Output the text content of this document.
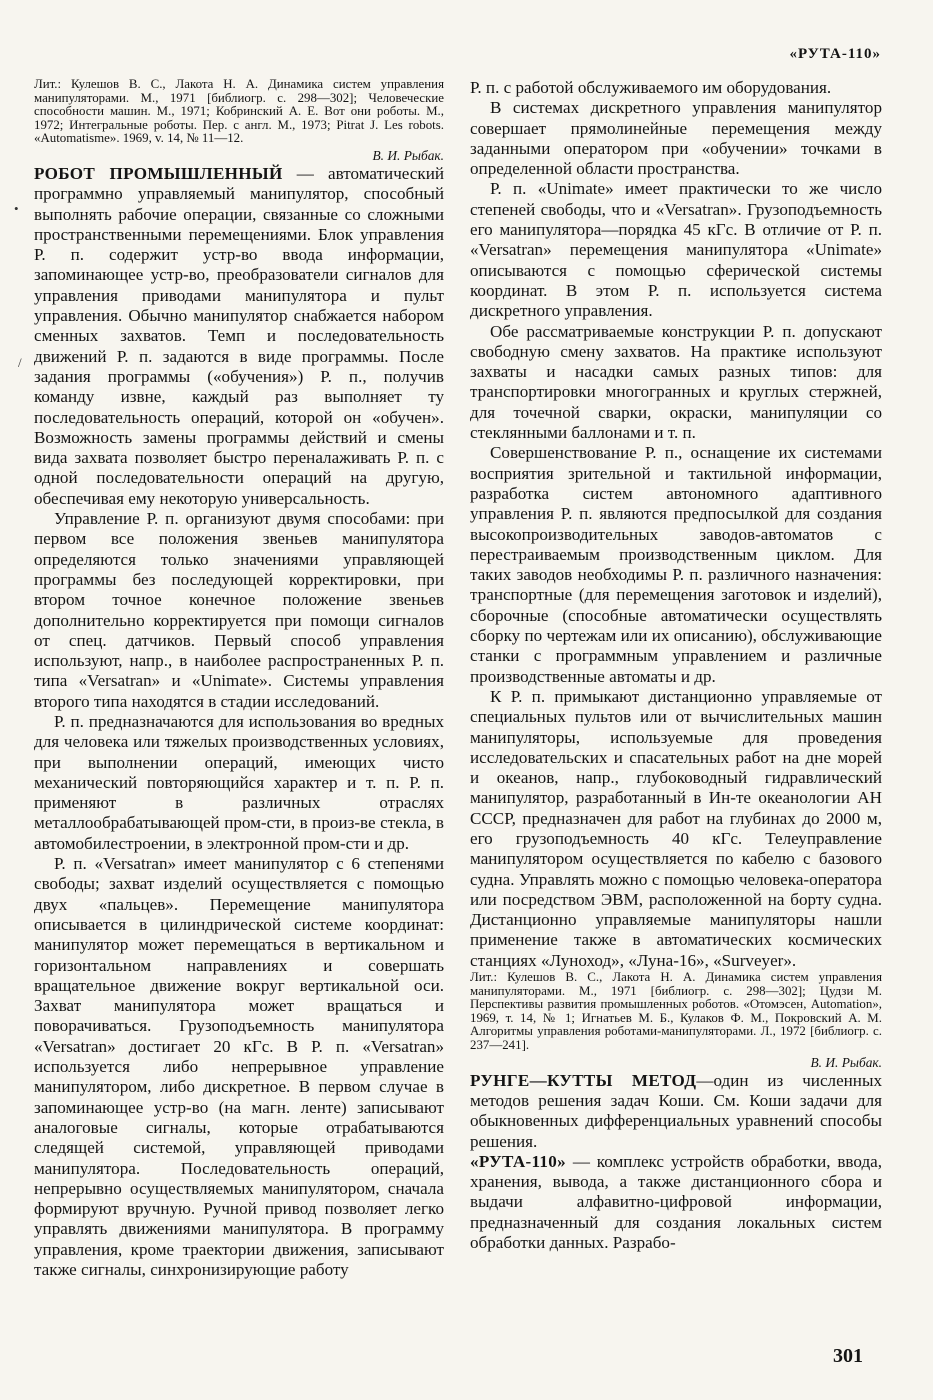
«РУТА-110»
•
/

Лит.: Кулешов В. С., Лакота Н. А. Динамика систем управления манипуляторами. М., 1971 [библиогр. с. 298—302]; Человеческие способности машин. М., 1971; Кобринский А. Е. Вот они роботы. М., 1972; Интегральные роботы. Пер. с англ. М., 1973; Pitrat J. Les robots. «Automatisme». 1969, v. 14, № 11—12.

В. И. Рыбак.

РОБОТ ПРОМЫШЛЕННЫЙ — автоматический программно управляемый манипулятор, способный выполнять рабочие операции, связанные со сложными пространственными перемещениями. Блок управления Р. п. содержит устр-во ввода информации, запоминающее устр-во, преобразователи сигналов для управления приводами манипулятора и пульт управления. Обычно манипулятор снабжается набором сменных захватов. Темп и последовательность движений Р. п. задаются в виде программы. После задания программы («обучения») Р. п., получив команду извне, каждый раз выполняет ту последовательность операций, которой он «обучен». Возможность замены программы действий и смены вида захвата позволяет быстро переналаживать Р. п. с одной последовательности операций на другую, обеспечивая ему некоторую универсальность.

Управление Р. п. организуют двумя способами: при первом все положения звеньев манипулятора определяются только значениями управляющей программы без последующей корректировки, при втором точное конечное положение звеньев дополнительно корректируется при помощи сигналов от спец. датчиков. Первый способ управления используют, напр., в наиболее распространенных Р. п. типа «Versatran» и «Unimate». Системы управления второго типа находятся в стадии исследований.

Р. п. предназначаются для использования во вредных для человека или тяжелых производственных условиях, при выполнении операций, имеющих чисто механический повторяющийся характер и т. п. Р. п. применяют в различных отраслях металлообрабатывающей пром-сти, в произ-ве стекла, в автомобилестроении, в электронной пром-сти и др.

Р. п. «Versatran» имеет манипулятор с 6 степенями свободы; захват изделий осуществляется с помощью двух «пальцев». Перемещение манипулятора описывается в цилиндрической системе координат: манипулятор может перемещаться в вертикальном и горизонтальном направлениях и совершать вращательное движение вокруг вертикальной оси. Захват манипулятора может вращаться и поворачиваться. Грузоподъемность манипулятора «Versatran» достигает 20 кГс. В Р. п. «Versatran» используется либо непрерывное управление манипулятором, либо дискретное. В первом случае в запоминающее устр-во (на магн. ленте) записывают аналоговые сигналы, которые отрабатываются следящей системой, управляющей приводами манипулятора. Последовательность операций, непрерывно осуществляемых манипулятором, сначала формируют вручную. Ручной привод позволяет легко управлять движениями манипулятора. В программу управления, кроме траектории движения, записывают также сигналы, синхронизирующие работу

Р. п. с работой обслуживаемого им оборудования.

В системах дискретного управления манипулятор совершает прямолинейные перемещения между заданными оператором при «обучении» точками в определенной области пространства.

Р. п. «Unimate» имеет практически то же число степеней свободы, что и «Versatran». Грузоподъемность его манипулятора—порядка 45 кГс. В отличие от Р. п. «Versatran» перемещения манипулятора «Unimate» описываются с помощью сферической системы координат. В этом Р. п. используется система дискретного управления.

Обе рассматриваемые конструкции Р. п. допускают свободную смену захватов. На практике используют захваты и насадки самых разных типов: для транспортировки многогранных и круглых стержней, для точечной сварки, окраски, манипуляции со стеклянными баллонами и т. п.

Совершенствование Р. п., оснащение их системами восприятия зрительной и тактильной информации, разработка систем автономного адаптивного управления Р. п. являются предпосылкой для создания высокопроизводительных заводов-автоматов с перестраиваемым производственным циклом. Для таких заводов необходимы Р. п. различного назначения: транспортные (для перемещения заготовок и изделий), сборочные (способные автоматически осуществлять сборку по чертежам или их описанию), обслуживающие станки с программным управлением и различные производственные автоматы и др.

К Р. п. примыкают дистанционно управляемые от специальных пультов или от вычислительных машин манипуляторы, используемые для проведения исследовательских и спасательных работ на дне морей и океанов, напр., глубоководный гидравлический манипулятор, разработанный в Ин-те океанологии АН СССР, предназначен для работ на глубинах до 2000 м, его грузоподъемность 40 кГс. Телеуправление манипулятором осуществляется по кабелю с базового судна. Управлять можно с помощью человека-оператора или посредством ЭВМ, расположенной на борту судна. Дистанционно управляемые манипуляторы нашли применение также в автоматических космических станциях «Луноход», «Луна-16», «Surveyer».

Лит.: Кулешов В. С., Лакота Н. А. Динамика систем управления манипуляторами. М., 1971 [библиогр. с. 298—302]; Цудзи М. Перспективы развития промышленных роботов. «Отомэсен, Automation», 1969, т. 14, № 1; Игнатьев М. Б., Кулаков Ф. М., Покровский А. М. Алгоритмы управления роботами-манипуляторами. Л., 1972 [библиогр. с. 237—241].

В. И. Рыбак.

РУНГЕ—КУТТЫ МЕТОД—один из численных методов решения задач Коши. См. Коши задачи для обыкновенных дифференциальных уравнений способы решения.

«РУТА-110» — комплекс устройств обработки, ввода, хранения, вывода, а также дистанционного сбора и выдачи алфавитно-цифровой информации, предназначенный для создания локальных систем обработки данных. Разрабо-

301
